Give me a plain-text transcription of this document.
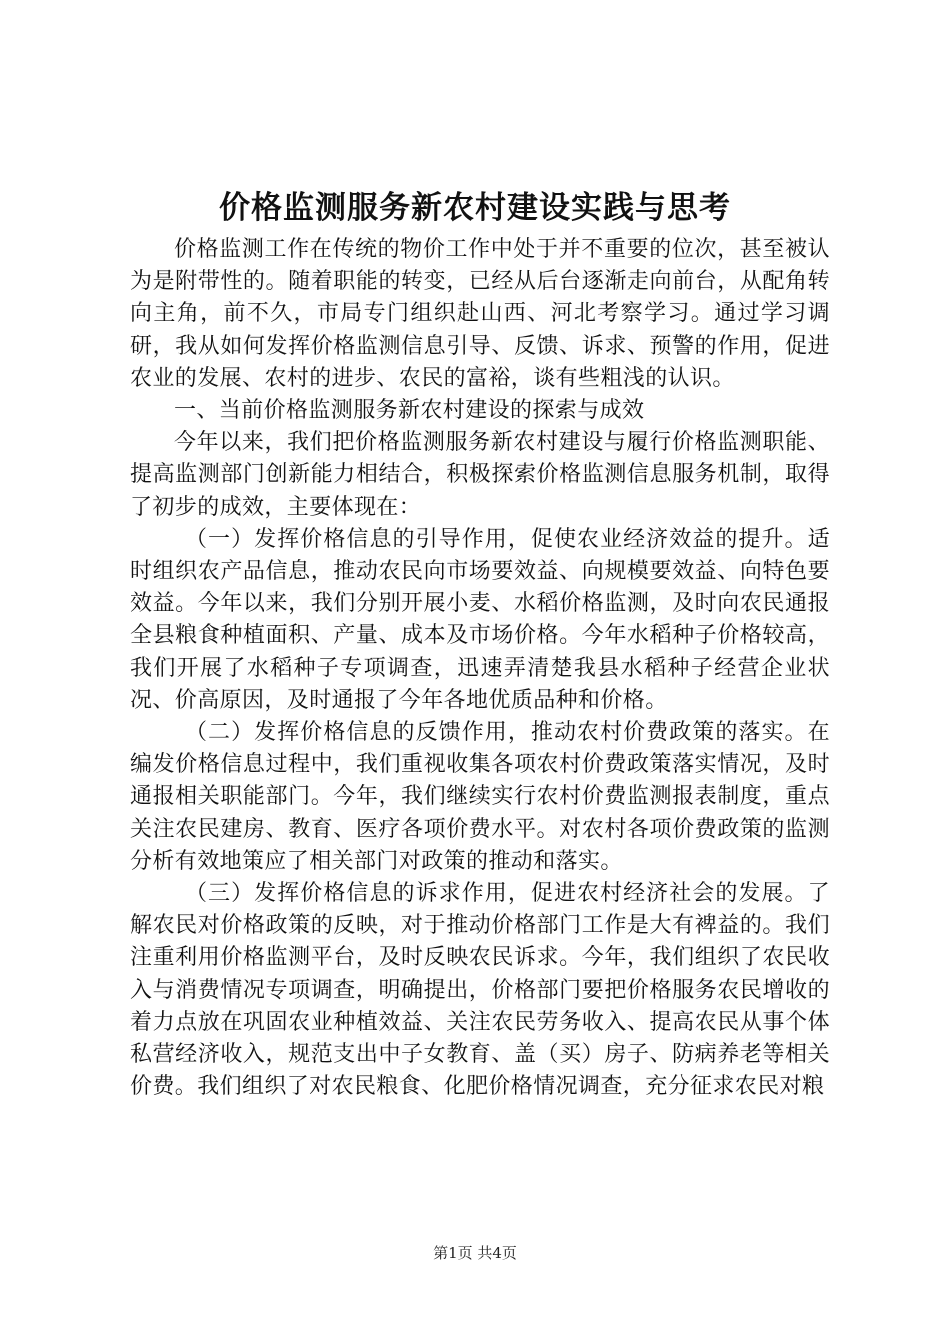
价格监测服务新农村建设实践与思考

价格监测工作在传统的物价工作中处于并不重要的位次，甚至被认为是附带性的。随着职能的转变，已经从后台逐渐走向前台，从配角转向主角，前不久，市局专门组织赴山西、河北考察学习。通过学习调研，我从如何发挥价格监测信息引导、反馈、诉求、预警的作用，促进农业的发展、农村的进步、农民的富裕，谈有些粗浅的认识。

一、当前价格监测服务新农村建设的探索与成效

今年以来，我们把价格监测服务新农村建设与履行价格监测职能、提高监测部门创新能力相结合，积极探索价格监测信息服务机制，取得了初步的成效，主要体现在：

（一）发挥价格信息的引导作用，促使农业经济效益的提升。适时组织农产品信息，推动农民向市场要效益、向规模要效益、向特色要效益。今年以来，我们分别开展小麦、水稻价格监测，及时向农民通报全县粮食种植面积、产量、成本及市场价格。今年水稻种子价格较高，我们开展了水稻种子专项调查，迅速弄清楚我县水稻种子经营企业状况、价高原因，及时通报了今年各地优质品种和价格。

（二）发挥价格信息的反馈作用，推动农村价费政策的落实。在编发价格信息过程中，我们重视收集各项农村价费政策落实情况，及时通报相关职能部门。今年，我们继续实行农村价费监测报表制度，重点关注农民建房、教育、医疗各项价费水平。对农村各项价费政策的监测分析有效地策应了相关部门对政策的推动和落实。

（三）发挥价格信息的诉求作用，促进农村经济社会的发展。了解农民对价格政策的反映，对于推动价格部门工作是大有裨益的。我们注重利用价格监测平台，及时反映农民诉求。今年，我们组织了农民收入与消费情况专项调查，明确提出，价格部门要把价格服务农民增收的着力点放在巩固农业种植效益、关注农民劳务收入、提高农民从事个体私营经济收入，规范支出中子女教育、盖（买）房子、防病养老等相关价费。我们组织了对农民粮食、化肥价格情况调查，充分征求农民对粮

第1页 共4页
